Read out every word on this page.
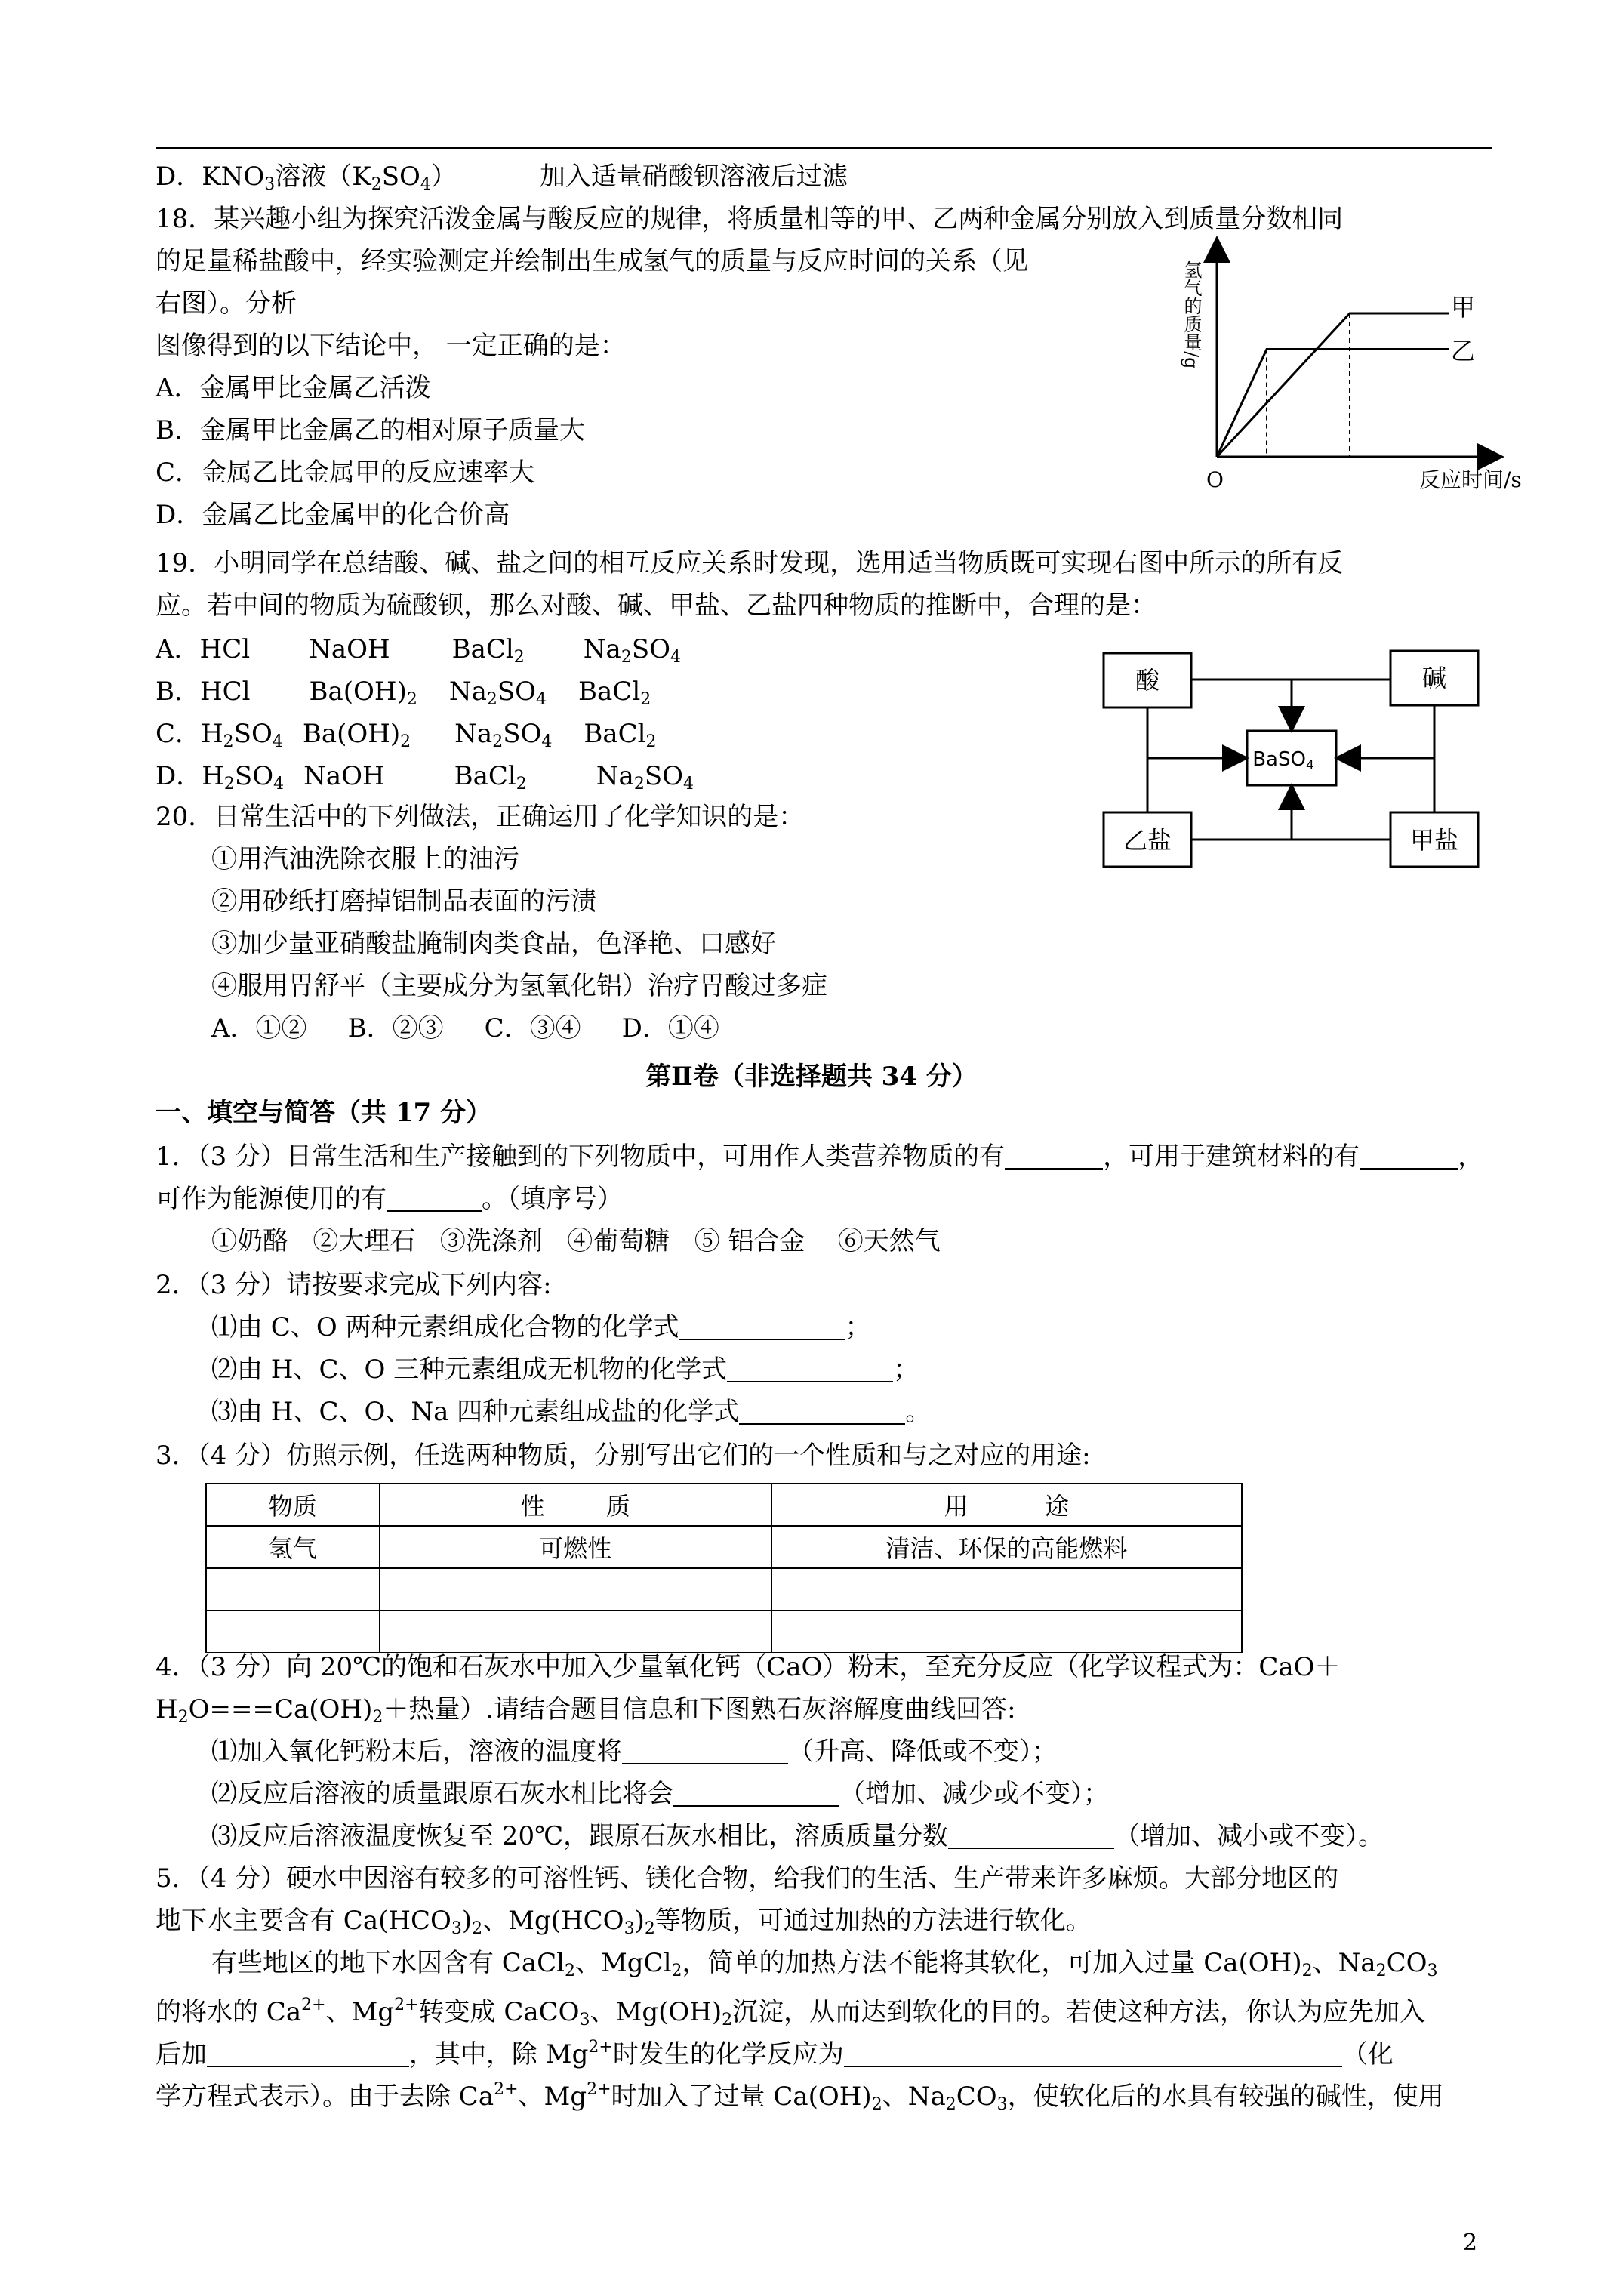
D．$KNO_3$溶液$(K_2SO_4)$	加入适量硝酸钡溶液后过滤
18．某兴趣小组为探究活泼金属与酸反应的规律，将质量相等的甲、乙两种金属分别放入到质量分数相同
的足量稀盐酸中，经实验测定并绘制出生成氢气的质量与反应时间的关系（见
右图）。分析
图像得到的以下结论中， 一定正确的是：
A．金属甲比金属乙活泼
B．金属甲比金属乙的相对原子质量大
C．金属乙比金属甲的反应速率大
D．金属乙比金属甲的化合价高
氢气的质量/g
反应时间/s
O
甲
乙
19．小明同学在总结酸、碱、盐之间的相互反应关系时发现，选用适当物质既可实现右图中所示的所有反
应。若中间的物质为硫酸钡，那么对酸、碱、甲盐、乙盐四种物质的推断中，合理的是：
A．HCl NaOH BaCl$_2$ $Na_2SO_4$
B．HCl $Ba(OH)_2$ $Na_2SO_4$ BaCl$_2$
C．$H_2SO_4$ $Ba(OH)_2$ $Na_2SO_4$ BaCl$_2$
D．$H_2SO_4$ NaOH	BaCl$_2$	$Na_2SO_4$
酸	碱
BaSO4
乙盐	甲盐
20．日常生活中的下列做法，正确运用了化学知识的是：
①用汽油洗除衣服上的油污
②用砂纸打磨掉铝制品表面的污渍
③加少量亚硝酸盐腌制肉类食品，色泽艳、口感好
④服用胃舒平（主要成分为氢氧化铝）治疗胃酸过多症
A．①②     B．②③     C．③④     D．①④
第Ⅱ卷（非选择题共 34 分）
一、填空与简答（共 17 分）
1．（3 分）日常生活和生产接触到的下列物质中，可用作人类营养物质的有	，可用于建筑材料的有	，
可作为能源使用的有	。（填序号）
①奶酪   ②大理石   ③洗涤剂   ④葡萄糖   ⑤ 铝合金    ⑥天然气
2．（3 分）请按要求完成下列内容:
⑴由 C、O 两种元素组成化合物的化学式	；
⑵由 H、C、O 三种元素组成无机物的化学式	；
⑶由 H、C、O、Na 四种元素组成盐的化学式	。
3．（4 分）仿照示例，任选两种物质，分别写出它们的一个性质和与之对应的用途:
物质	性        质	用          途
氢气	可燃性	清洁、环保的高能燃料

4．（3 分）向 20℃的饱和石灰水中加入少量氧化钙（CaO）粉末，至充分反应（化学议程式为：CaO＋
$H_2O===Ca(OH)_2+$热量）.请结合题目信息和下图熟石灰溶解度曲线回答:
⑴加入氧化钙粉末后，溶液的温度将	（升高、降低或不变）；
⑵反应后溶液的质量跟原石灰水相比将会	（增加、减少或不变）；
⑶反应后溶液温度恢复至 20℃，跟原石灰水相比，溶质质量分数	（增加、减小或不变）。
5．（4 分）硬水中因溶有较多的可溶性钙、镁化合物，给我们的生活、生产带来许多麻烦。大部分地区的
地下水主要含有 $Ca(HCO_3)_2$、$Mg(HCO_3)_2$等物质，可通过加热的方法进行软化。
有些地区的地下水因含有 CaCl$_2$、MgCl$_2$，简单的加热方法不能将其软化，可加入过量 $Ca(OH)_2$、$Na_2CO_3$
的将水的 $Ca^{2+}$、$Mg^{2+}$转变成 CaCO$_3$、$Mg(OH)_2$沉淀，从而达到软化的目的。若使这种方法，你认为应先加入
后加	，其中，除 $Mg^{2+}$时发生的化学反应为	（化
学方程式表示）。由于去除 $Ca^{2+}$、$Mg^{2+}$时加入了过量 $Ca(OH)_2$、$Na_2CO_3$，使软化后的水具有较强的碱性，使用
2
